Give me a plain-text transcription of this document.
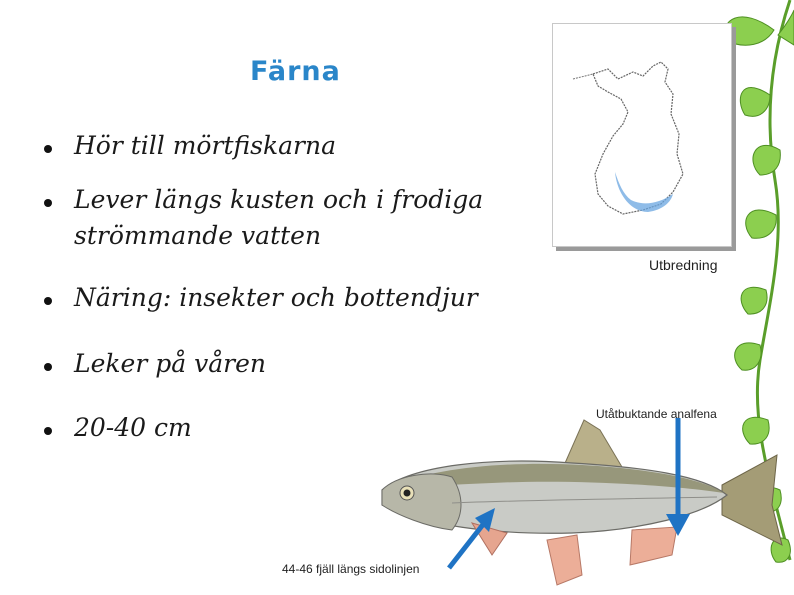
Färna
Hör till mörtfiskarna
Lever längs kusten och i frodiga strömmande vatten
Näring: insekter och bottendjur
Leker på våren
20-40 cm
Utbredning
Utåtbuktande analfena
44-46 fjäll längs sidolinjen
